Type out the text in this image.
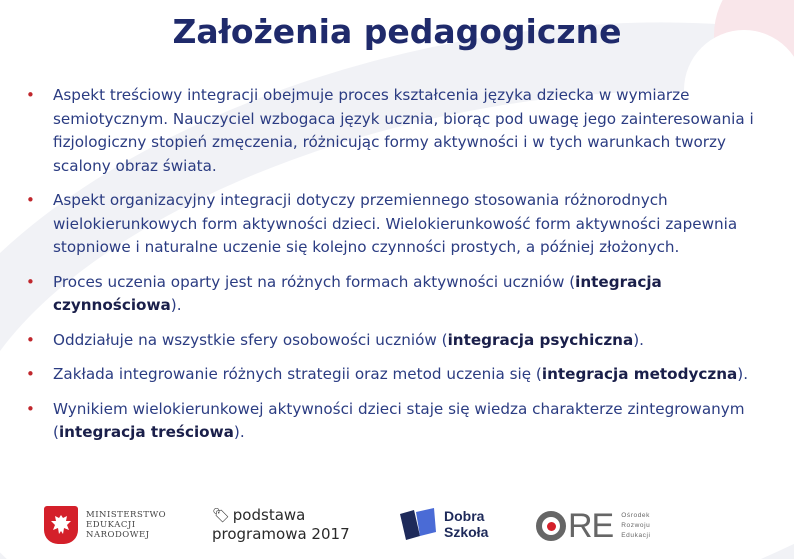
Założenia pedagogiczne
• Aspekt treściowy integracji obejmuje proces kształcenia języka dziecka w wymiarze semiotycznym. Nauczyciel wzbogaca język ucznia, biorąc pod uwagę jego zainteresowania i fizjologiczny stopień zmęczenia, różnicując formy aktywności i w tych warunkach tworzy scalony obraz świata.
• Aspekt organizacyjny integracji dotyczy przemiennego stosowania różnorodnych wielokierunkowych form aktywności dzieci. Wielokierunkowość form aktywności zapewnia stopniowe i naturalne uczenie się kolejno czynności prostych, a później złożonych.
• Proces uczenia oparty jest na różnych formach aktywności uczniów (integracja czynnościowa).
• Oddziałuje na wszystkie sfery osobowości uczniów (integracja psychiczna).
• Zakłada integrowanie różnych strategii oraz metod uczenia się (integracja metodyczna).
• Wynikiem wielokierunkowej aktywności dzieci staje się wiedza charakterze zintegrowanym (integracja treściowa).
MINISTERSTWO
EDUKACJI
NARODOWEJ
🏷 podstawa
programowa 2017
Dobra
Szkoła RE Ośrodek
Rozwoju
Edukacji
